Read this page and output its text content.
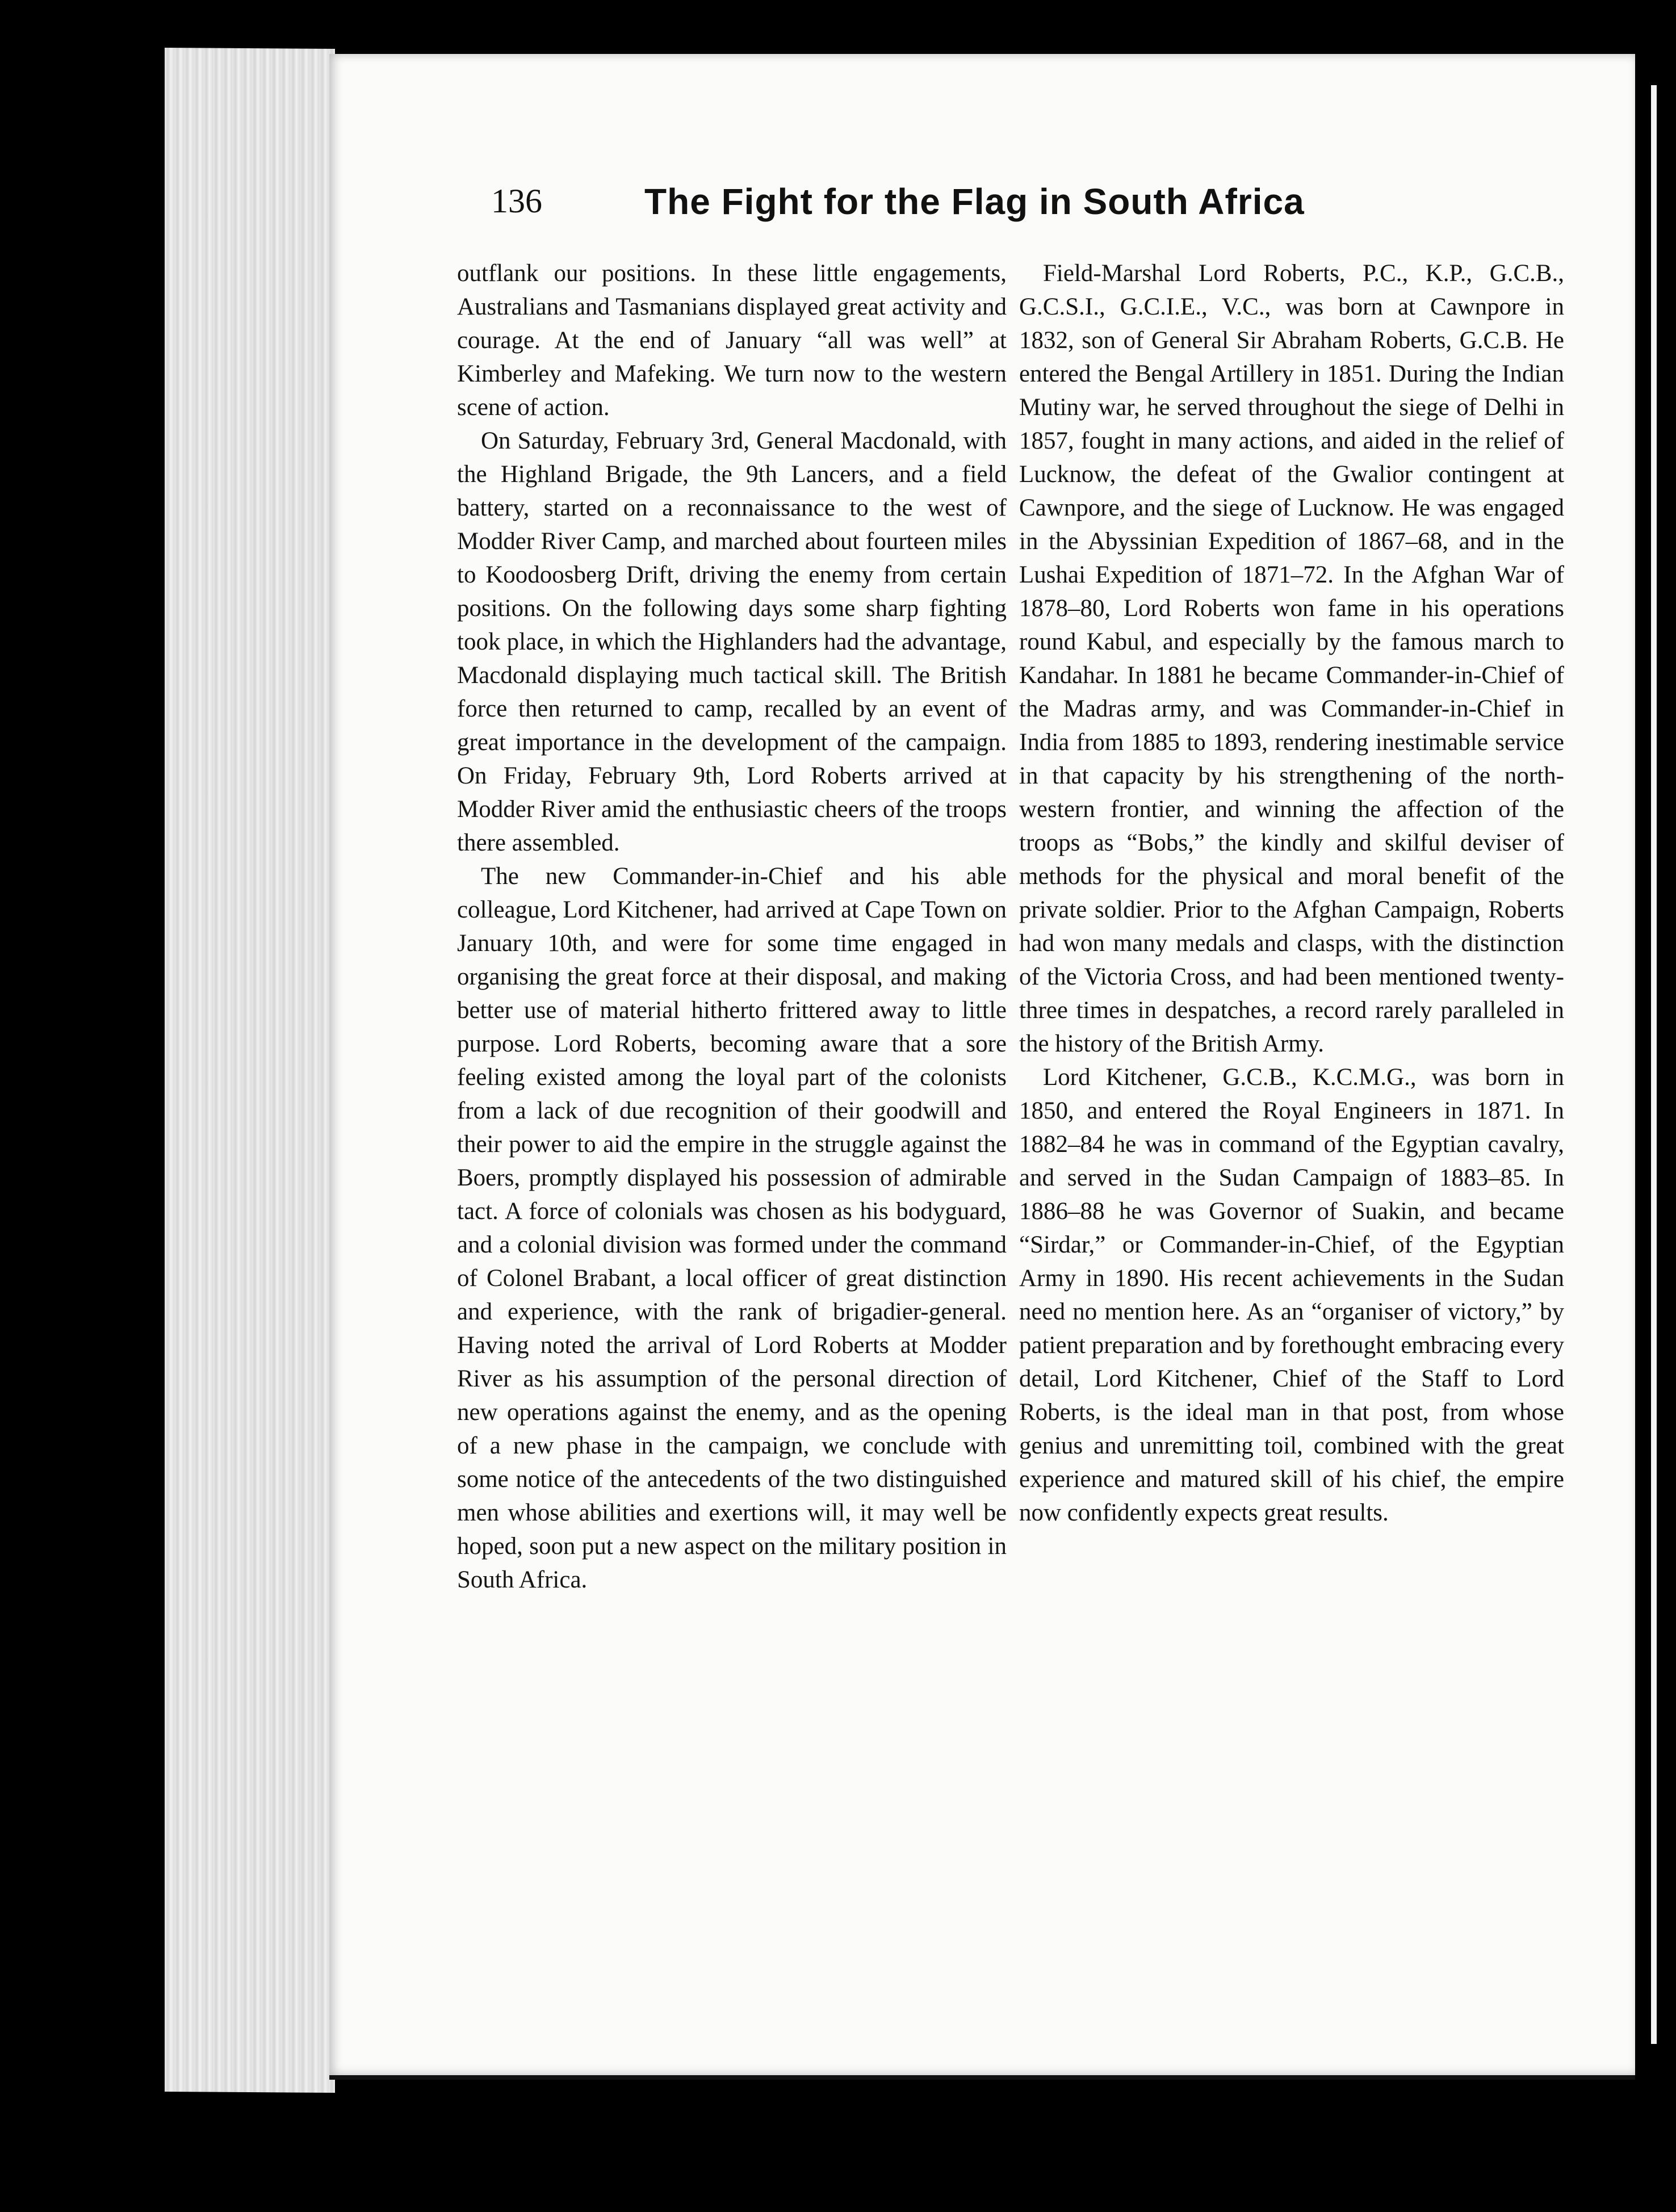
136	The Fight for the Flag in South Africa

outflank our positions. In these little engagements, Australians and Tasmanians displayed great activity and courage. At the end of January “all was well” at Kimberley and Mafeking. We turn now to the western scene of action.

On Saturday, February 3rd, General Macdonald, with the Highland Brigade, the 9th Lancers, and a field battery, started on a reconnaissance to the west of Modder River Camp, and marched about fourteen miles to Koodoosberg Drift, driving the enemy from certain positions. On the following days some sharp fighting took place, in which the Highlanders had the advantage, Macdonald displaying much tactical skill. The British force then returned to camp, recalled by an event of great importance in the development of the campaign. On Friday, February 9th, Lord Roberts arrived at Modder River amid the enthusiastic cheers of the troops there assembled.

The new Commander-in-Chief and his able colleague, Lord Kitchener, had arrived at Cape Town on January 10th, and were for some time engaged in organising the great force at their disposal, and making better use of material hitherto frittered away to little purpose. Lord Roberts, becoming aware that a sore feeling existed among the loyal part of the colonists from a lack of due recognition of their goodwill and their power to aid the empire in the struggle against the Boers, promptly displayed his possession of admirable tact. A force of colonials was chosen as his bodyguard, and a colonial division was formed under the command of Colonel Brabant, a local officer of great distinction and experience, with the rank of brigadier-general. Having noted the arrival of Lord Roberts at Modder River as his assumption of the personal direction of new operations against the enemy, and as the opening of a new phase in the campaign, we conclude with some notice of the antecedents of the two distinguished men whose abilities and exertions will, it may well be hoped, soon put a new aspect on the military position in South Africa.

Field-Marshal Lord Roberts, P.C., K.P., G.C.B., G.C.S.I., G.C.I.E., V.C., was born at Cawnpore in 1832, son of General Sir Abraham Roberts, G.C.B. He entered the Bengal Artillery in 1851. During the Indian Mutiny war, he served throughout the siege of Delhi in 1857, fought in many actions, and aided in the relief of Lucknow, the defeat of the Gwalior contingent at Cawnpore, and the siege of Lucknow. He was engaged in the Abyssinian Expedition of 1867–68, and in the Lushai Expedition of 1871–72. In the Afghan War of 1878–80, Lord Roberts won fame in his operations round Kabul, and especially by the famous march to Kandahar. In 1881 he became Commander-in-Chief of the Madras army, and was Commander-in-Chief in India from 1885 to 1893, rendering inestimable service in that capacity by his strengthening of the north-western frontier, and winning the affection of the troops as “Bobs,” the kindly and skilful deviser of methods for the physical and moral benefit of the private soldier. Prior to the Afghan Campaign, Roberts had won many medals and clasps, with the distinction of the Victoria Cross, and had been mentioned twenty-three times in despatches, a record rarely paralleled in the history of the British Army.

Lord Kitchener, G.C.B., K.C.M.G., was born in 1850, and entered the Royal Engineers in 1871. In 1882–84 he was in command of the Egyptian cavalry, and served in the Sudan Campaign of 1883–85. In 1886–88 he was Governor of Suakin, and became “Sirdar,” or Commander-in-Chief, of the Egyptian Army in 1890. His recent achievements in the Sudan need no mention here. As an “organiser of victory,” by patient preparation and by forethought embracing every detail, Lord Kitchener, Chief of the Staff to Lord Roberts, is the ideal man in that post, from whose genius and unremitting toil, combined with the great experience and matured skill of his chief, the empire now confidently expects great results.
